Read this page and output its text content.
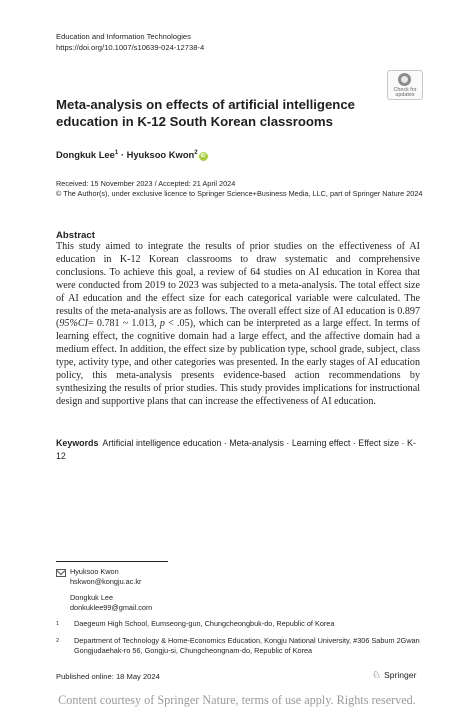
Education and Information Technologies
https://doi.org/10.1007/s10639-024-12738-4
Check for
updates
Meta-analysis on effects of artificial intelligence education in K-12 South Korean classrooms
Dongkuk Lee$^1$ · Hyuksoo Kwon$^2$iD
Received: 15 November 2023 / Accepted: 21 April 2024
© The Author(s), under exclusive licence to Springer Science+Business Media, LLC, part of Springer Nature 2024
Abstract
This study aimed to integrate the results of prior studies on the effectiveness of AI education in K-12 Korean classrooms to draw systematic and comprehensive conclusions. To achieve this goal, a review of 64 studies on AI education in Korea that were conducted from 2019 to 2023 was subjected to a meta-analysis. The total effect size of AI education and the effect size for each categorical variable were calculated. The results of the meta-analysis are as follows. The overall effect size of AI education is 0.897 (95%CI= 0.781 ~ 1.013, p < .05), which can be interpreted as a large effect. In terms of learning effect, the cognitive domain had a large effect, and the affective domain had a medium effect. In addition, the effect size by publication type, school grade, subject, class type, activity type, and other categories was presented. In the early stages of AI education policy, this meta-analysis presents evidence-based action recommendations by synthesizing the results of prior studies. This study provides implications for instructional design and supportive plans that can increase the effectiveness of AI education.
Keywords Artificial intelligence education · Meta-analysis · Learning effect · Effect size · K-12
Hyuksoo Kwon
hskwon@kongju.ac.kr
Dongkuk Lee
donkuklee99@gmail.com
1 Daegeum High School, Eumseong-gun, Chungcheongbuk-do, Republic of Korea
2 Department of Technology & Home-Economics Education, Kongju National University, #306 Sabum 2Gwan Gongjudaehak-ro 56, Gongju-si, Chungcheongnam-do, Republic of Korea
Published online: 18 May 2024	♘ Springer
Content courtesy of Springer Nature, terms of use apply. Rights reserved.
